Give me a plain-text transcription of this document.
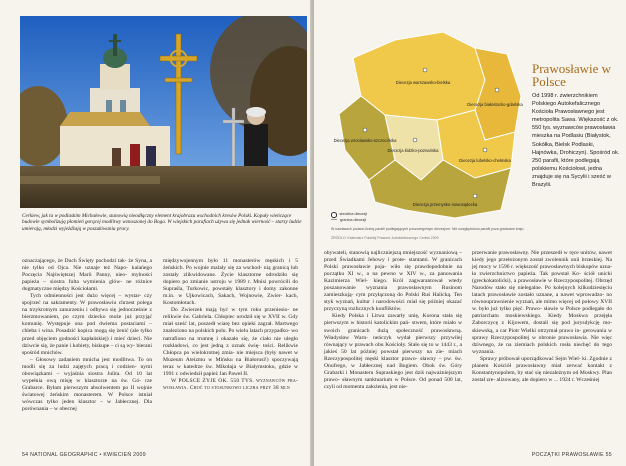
Cerkiew, jak ta w podlaskim Michałowie, stanowią nieodłączny element krajobrazu wschodnich kresów Polski. Kopuły wieńczące budowle symbolizują płomień gorącej modlitwy wznoszonej do Boga. W wiejskich parafiach używa się jednak wierność – starzy ludzie umierają, młodzi wyjeżdżają w poszukiwaniu pracy.

oznaczającego, że Duch Święty pochodzi tak- że Syna, a nie tylko od Ojca. Nie uznaje też Napo- kalańego Poczęcia Najświętszej Marii Panny, nieo- mylności papieża – siostra fulta wymienia glów- ne różnice dogmatyczne między Kościołami.

Tych odmienności jest dużo więcej – wystar- czy spojrzeć na sakramenty. W prawosławiu chrzest polega na trzykrotnym zanurzeniu i odbywa się jednocześnie z bierzmowaniem, po czym dziecko może już przyjąć komunię. Występuje ona pod dwiema postaciami – chleba i wina. Posadzić kopica mogą się żenić (ale tylko przed objęciem godności kapłańskiej) i mieć dzieci. Nie dziwcie się, że panie i kobiety, biskupe – ci są wy- bierani spośród mnichów.

– Głosowy zadaniem mnicha jest modlitwa. To on modli się za ludzi zajętych pracą i codzien- nymi obowiązkami – wyjaśnia siostra Julita. Od 10 lat wypełnia ową misję w klasztorze na św. Gó- rze Grabarce. Byłam pierwszym absolwentem po II wojnie światowej żeńskim monasterem. W Polsce istniał wówczas tylko jeden klasztor – w Jabłecznej. Dla porównania – w obecnej

międzywojennym było 11 monasterów męskich i 5 żeńskich. Po wojnie malały się za wschod- nią granicą lub zostały zlikwidowane. Życie klasztorne odrodziło się dopiero po zmianie ustroju w 1989 r. Mnisi powrócili do Supraśla, Turkowic, powstały klasztory i domy zakonne m.in. w Ujkowicach, Sakach, Wojnowie, Zwier- kach, Kostomłotach.

Do Zwierzek mają być w tym roku przeniesio- ne relikwie św. Gabriela. Chłopiec urodził się w XVII w. Gdy miał sześć lat, poszedł wiarę bez opieki zagrał. Martwego znalezionо na polskich polu. Po wielu latach przypadko- wo natrafiono na trumnę i okazało się, że ciało nie uległo rozkładowi, co jest jedną z oznak świę- tości. Relikwie Chłopca po wielokrotnej zmia- nie miejsca (były nawet w Muzeum Ateizmu w Mińsku na Białorusi!) spoczywają teraz w katedrze św. Mikołaja w Białymstoku, gdzie w 1991 r. odwiedził papież Jan Paweł II.

W POLSCE ŻYJE OK. 550 TYS. wyznawców pra- wosławia. Choć to stosunkowo liczba przy 38 mln

54 NATIONAL GEOGRAPHIC • KWIECIEŃ 2009
Diecezja warszawsko-bielska
Diecezja białostocko-gdańska
Diecezja łódzko-poznańska
Diecezja lubelsko-chełmska
Diecezja wrocławsko-szczecińska
Diecezja przemysko-nowosądecka
Prawosławie w Polsce

Od 1998 r. zwierzchnikiem Polskiego Autokefalicznego Kościoła Prawosławnego jest metropolita Sawa. Większość z ok. 550 tys. wyznawców prawosławia mieszka na Podlasiu (Białystok, Sokółka, Bielsk Podlaski, Hajnówka, Drohiczyn). Spośród ok. 250 parafii, które podlegają polskiemu Kościołowi, jedna znajduje się na Sycylii i sześć w Brazylii.

siedziba diecezji
granica diecezji

W nawiasach podano liczbę parafii podlegających poszczególnym diecezjom. Nie uwzględniono parafii poza granicami kraju.

ŹRÓDŁO: Kalendarz Polskiej Prawosł. Autokefalicznego Cerkwi 2009

obywateli, stanowią najliczniejszą mniejszość wyznaniową – przed Świadkami Jehowy i prote- stantami. W granicach Polski prawosławie poja- wiło się prawdopodobnie na początku XI w., a na pewno w XIV w., za panowania Kazimierza Wiel- kiego. Król zagwarantował wtedy poszanowanie wyznania prawosławnym Rusinom zamieszkują- cym przyłączoną do Polski Ruś Halicką. Ten styk wyznań, kultur i narodowości miał się później okazać przyczyną rozlicznych konfliktów.

Kiedy Polska i Litwa zawarły unię, Korona stała się pierwszym w historii katolickim pań- stwem, które miało w swoich granicach dużą społeczność prawosławną. Władysław Warn- neńczyk wydał pierwszy przywilej równający w prawach obu Kościoły. Stało się to w 1443 r., a jakieś 50 lat później powstał pierwszy na zie- miach Rzeczypospolitej męski klasztor prawo- sławny – pw. św. Onufrego, w Jabłecznej nad Bugiem. Obok św. Góry Grabarki i Monasteru Supraskiego jest dziś najważniejszym prawo- sławnym sanktuarium w Polsce. Od ponad 500 lat, czyli od momentu założenia, jest nie-

przerwanie prawosławny. Nie przeszedł w ręce unitów, nawet kiedy jego przełożonym został zwolennik unii brzeskiej. Na jej mocy w 1596 r. większość prawosławnych biskupów uzna- ła zwierzchnictwo papieża. Tak powstał Ko- ściół unicki (greckokatolicki), a prawosławie w Rzeczypospolitej. Obrzęd Narodów stało się nielegalne. Po kolejnych kilkudziesięciu latach prawosławie zostało uznane, a nawet wprowadzo- no równouprawnienie wyznań, ale mimo więcej od połowy XVII w. było już tylko pięć. Prawo- sławie w Polsce podlegało do patriarchatu moskiewskiego. Kiedy Moskwa przejęła Zaborczycę z Kijowem, dostali się pod jurysdykcję mo- skiewską, a car Piotr Wielki otrzymał prawo in- gerowania w sprawy Rzeczypospolitej w obronie prawosławia. Nie więc dziwnego, że na ziemiach polskich rosła niechęć do tego wyznania.

Sprawy próbował uporządkować Sejm Wiel- ki. Zgodnie z planem Kościół prawosławny miał zerwać kontakt z Konstantynopolem, by stać się niezależnym od Moskwy. Plan został zre- alizowany, ale dopiero w ... 1924 r. Wcześniej

POCZĄTKI PRAWOSŁAWIE 55
